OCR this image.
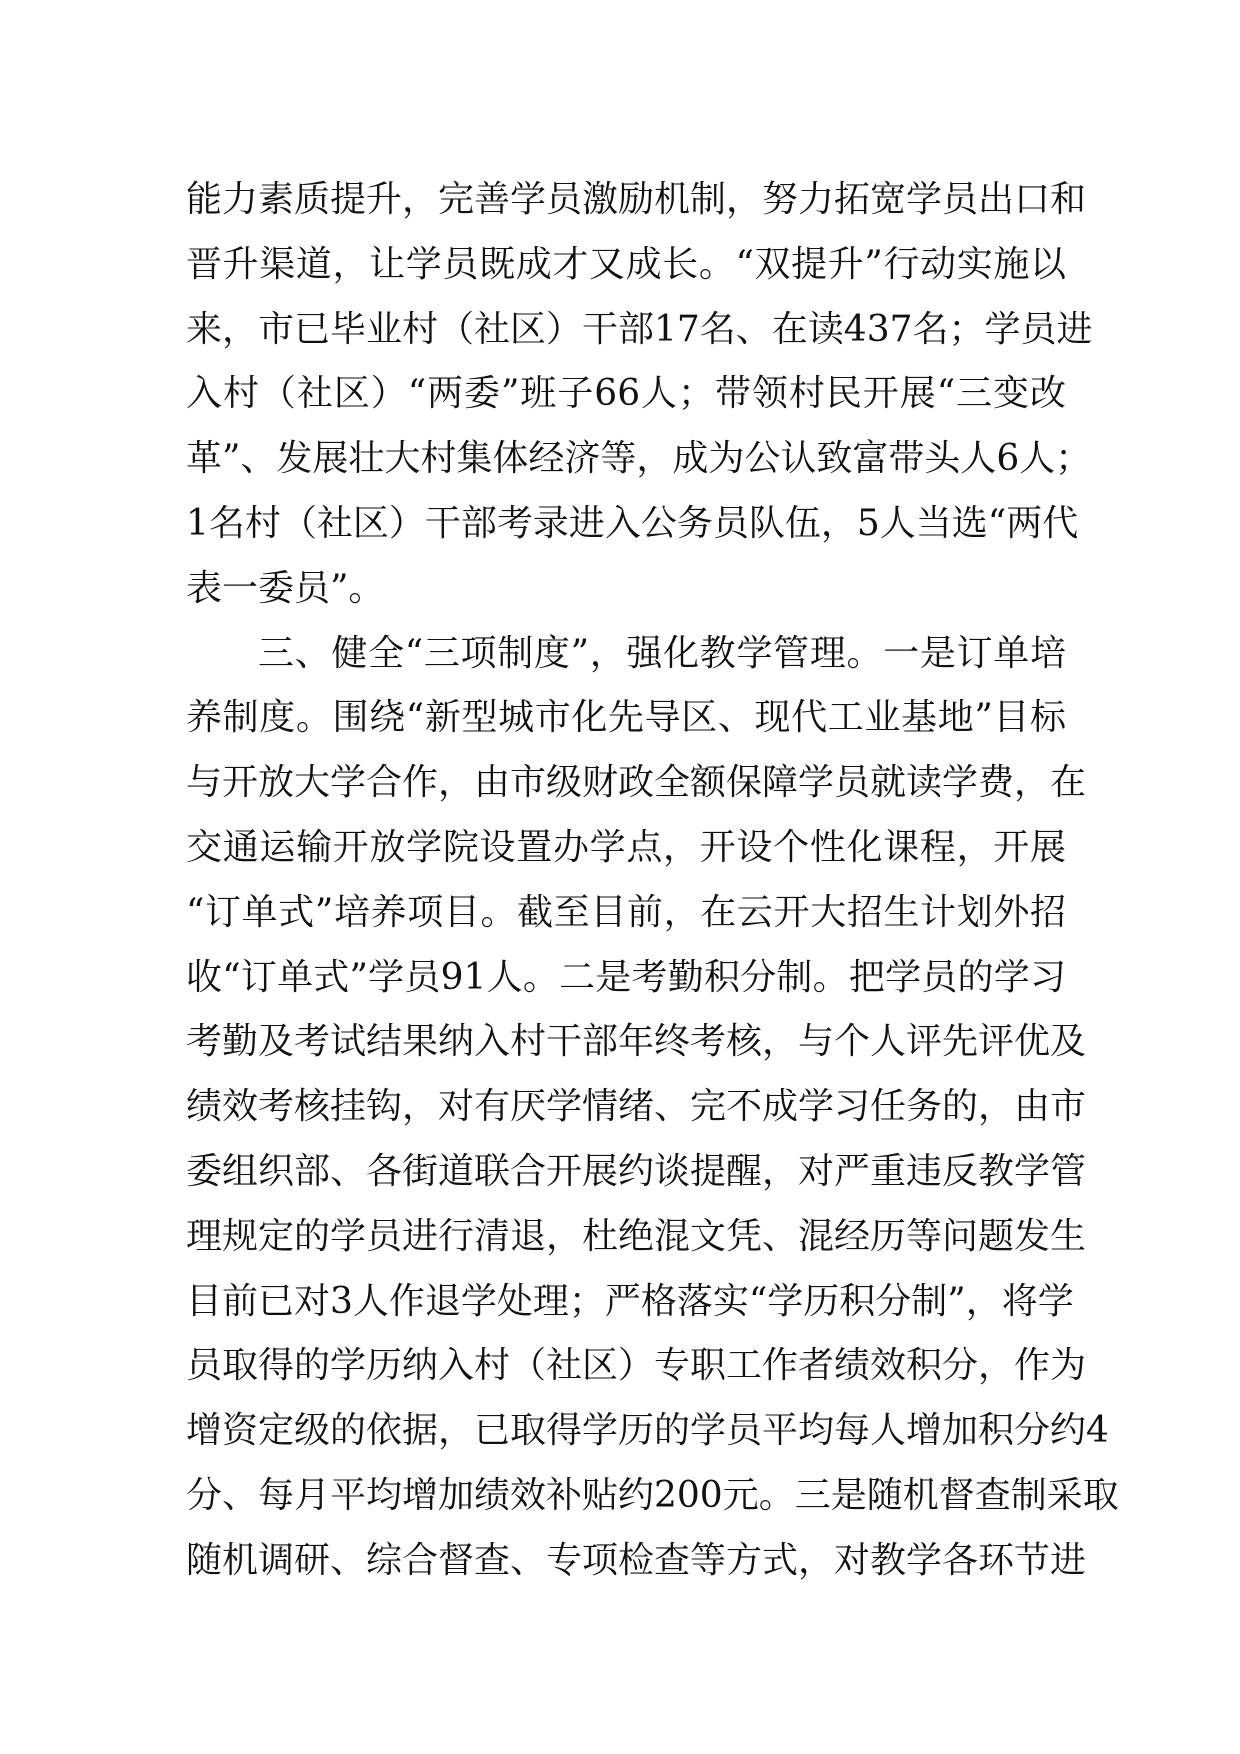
能力素质提升，完善学员激励机制，努力拓宽学员出口和
晋升渠道，让学员既成才又成长。“双提升”行动实施以
来，市已毕业村（社区）干部17名、在读437名；学员进
入村（社区）“两委”班子66人；带领村民开展“三变改
革”、发展壮大村集体经济等，成为公认致富带头人6人；
1名村（社区）干部考录进入公务员队伍，5人当选“两代
表一委员”。
三、健全“三项制度”，强化教学管理。一是订单培
养制度。围绕“新型城市化先导区、现代工业基地”目标
与开放大学合作，由市级财政全额保障学员就读学费，在
交通运输开放学院设置办学点，开设个性化课程，开展
“订单式”培养项目。截至目前，在云开大招生计划外招
收“订单式”学员91人。二是考勤积分制。把学员的学习
考勤及考试结果纳入村干部年终考核，与个人评先评优及
绩效考核挂钩，对有厌学情绪、完不成学习任务的，由市
委组织部、各街道联合开展约谈提醒，对严重违反教学管
理规定的学员进行清退，杜绝混文凭、混经历等问题发生
目前已对3人作退学处理；严格落实“学历积分制”，将学
员取得的学历纳入村（社区）专职工作者绩效积分，作为
增资定级的依据，已取得学历的学员平均每人增加积分约4
分、每月平均增加绩效补贴约200元。三是随机督查制采取
随机调研、综合督查、专项检查等方式，对教学各环节进
